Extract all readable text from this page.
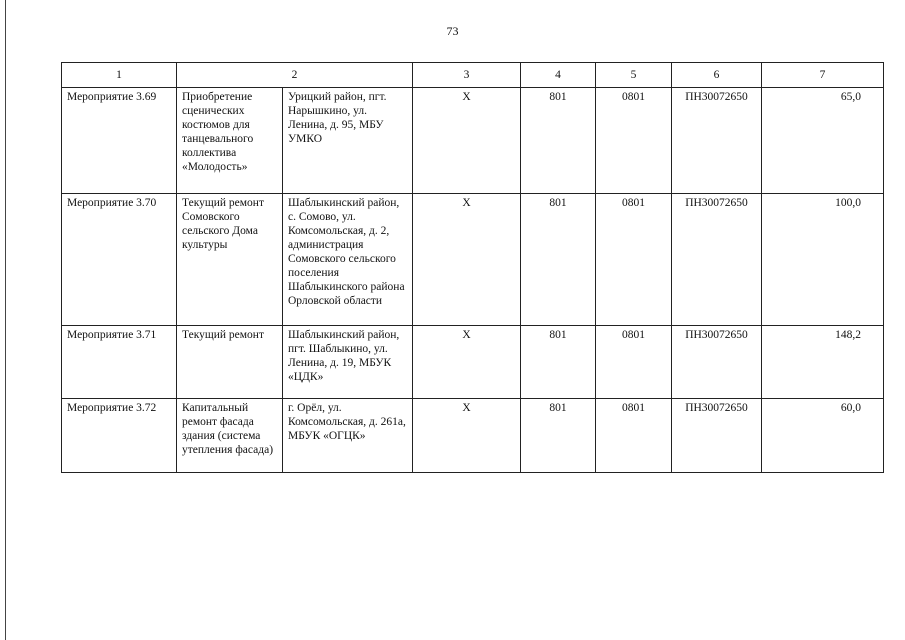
73
1	2		3	4	5	6	7
Мероприятие 3.69	Приобретение сценических костюмов для танцевального коллектива «Молодость»	Урицкий район, пгт. Нарышкино, ул. Ленина, д. 95, МБУ УМКО	X	801	0801	ПН30072650	65,0
Мероприятие 3.70	Текущий ремонт Сомовского сельского Дома культуры	Шаблыкинский район, с. Сомово, ул. Комсомольская, д. 2, администрация Сомовского сельского поселения Шаблыкинского района Орловской области	X	801	0801	ПН30072650	100,0
Мероприятие 3.71	Текущий ремонт	Шаблыкинский район, пгт. Шаблыкино, ул. Ленина, д. 19, МБУК «ЦДК»	X	801	0801	ПН30072650	148,2
Мероприятие 3.72	Капитальный ремонт фасада здания (система утепления фасада)	г. Орёл, ул. Комсомольская, д. 261а, МБУК «ОГЦК»	X	801	0801	ПН30072650	60,0
